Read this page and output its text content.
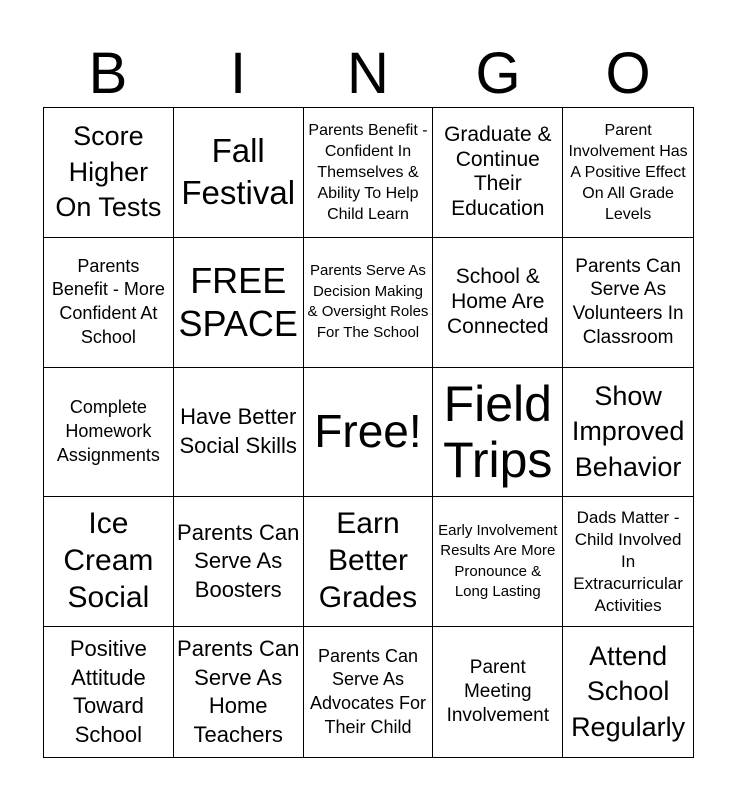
B	I	N	G	O
Score Higher On Tests
Fall Festival
Parents Benefit - Confident In Themselves & Ability To Help Child Learn
Graduate & Continue Their Education
Parent Involvement Has A Positive Effect On All Grade Levels
Parents Benefit - More Confident At School
FREE SPACE
Parents Serve As Decision Making & Oversight Roles For The School
School & Home Are Connected
Parents Can Serve As Volunteers In Classroom
Complete Homework Assignments
Have Better Social Skills Free! Field Trips
Show Improved Behavior
Ice Cream Social
Parents Can Serve As Boosters
Earn Better Grades
Early Involvement Results Are More Pronounce & Long Lasting
Dads Matter - Child Involved In Extracurricular Activities
Positive Attitude Toward School
Parents Can Serve As Home Teachers
Parents Can Serve As Advocates For Their Child
Parent Meeting Involvement
Attend School Regularly
